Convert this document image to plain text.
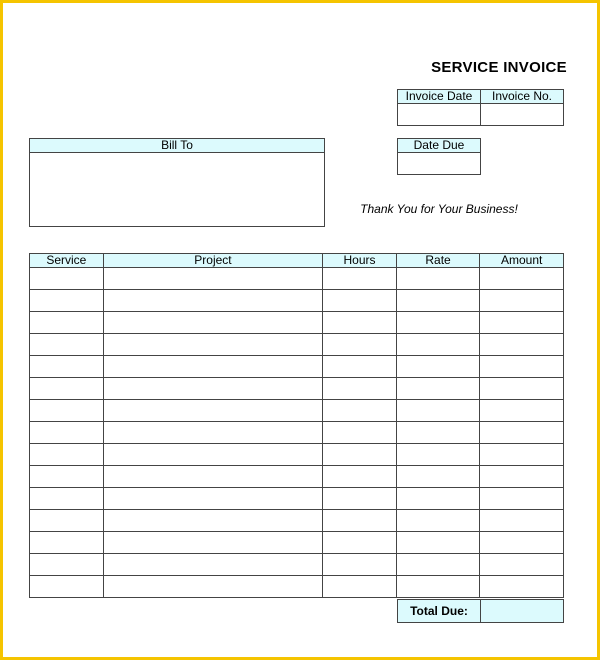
SERVICE INVOICE
Invoice Date	Invoice No.

Date Due

Bill To

Thank You for Your Business!
Service	Project	Hours	Rate	Amount

Total Due:
